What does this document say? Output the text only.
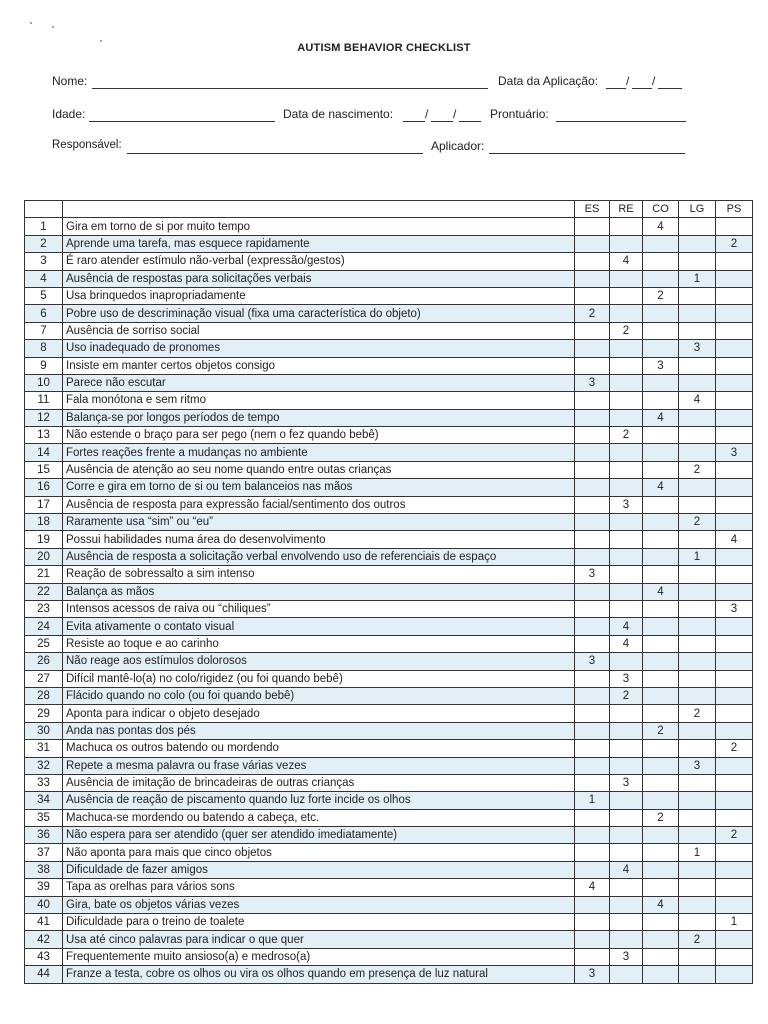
AUTISM BEHAVIOR CHECKLIST
Nome:	Data da Aplicação: / /
Idade:	Data de nascimento:	/ /	Prontuário:
Responsável:	Aplicador:
		ES	RE	CO	LG	PS
1	Gira em torno de si por muito tempo			4		
2	Aprende uma tarefa, mas esquece rapidamente					2
3	É raro atender estímulo não-verbal (expressão/gestos)		4			
4	Ausência de respostas para solicitações verbais				1	
5	Usa brinquedos inapropriadamente			2		
6	Pobre uso de descriminação visual (fixa uma característica do objeto)	2				
7	Ausência de sorriso social		2			
8	Uso inadequado de pronomes				3	
9	Insiste em manter certos objetos consigo			3		
10	Parece não escutar	3				
11	Fala monótona e sem ritmo				4	
12	Balança-se por longos períodos de tempo			4		
13	Não estende o braço para ser pego (nem o fez quando bebê)		2			
14	Fortes reações frente a mudanças no ambiente					3
15	Ausência de atenção ao seu nome quando entre outas crianças				2	
16	Corre e gira em torno de si ou tem balanceios nas mãos			4		
17	Ausência de resposta para expressão facial/sentimento dos outros		3			
18	Raramente usa “sim” ou “eu”				2	
19	Possui habilidades numa área do desenvolvimento					4
20	Ausência de resposta a solicitação verbal envolvendo uso de referenciais de espaço				1	
21	Reação de sobressalto a sim intenso	3				
22	Balança as mãos			4		
23	Intensos acessos de raiva ou “chiliques”					3
24	Evita ativamente o contato visual		4			
25	Resiste ao toque e ao carinho		4			
26	Não reage aos estímulos dolorosos	3				
27	Difícil mantê-lo(a) no colo/rigidez (ou foi quando bebê)		3			
28	Flácido quando no colo (ou foi quando bebê)		2			
29	Aponta para indicar o objeto desejado				2	
30	Anda nas pontas dos pés			2		
31	Machuca os outros batendo ou mordendo					2
32	Repete a mesma palavra ou frase várias vezes				3	
33	Ausência de imitação de brincadeiras de outras crianças		3			
34	Ausência de reação de piscamento quando luz forte incide os olhos	1				
35	Machuca-se mordendo ou batendo a cabeça, etc.			2		
36	Não espera para ser atendido (quer ser atendido imediatamente)					2
37	Não aponta para mais que cinco objetos				1	
38	Dificuldade de fazer amigos		4			
39	Tapa as orelhas para vários sons	4				
40	Gira, bate os objetos várias vezes			4		
41	Dificuldade para o treino de toalete					1
42	Usa até cinco palavras para indicar o que quer				2	
43	Frequentemente muito ansioso(a) e medroso(a)		3			
44	Franze a testa, cobre os olhos ou vira os olhos quando em presença de luz natural	3				
